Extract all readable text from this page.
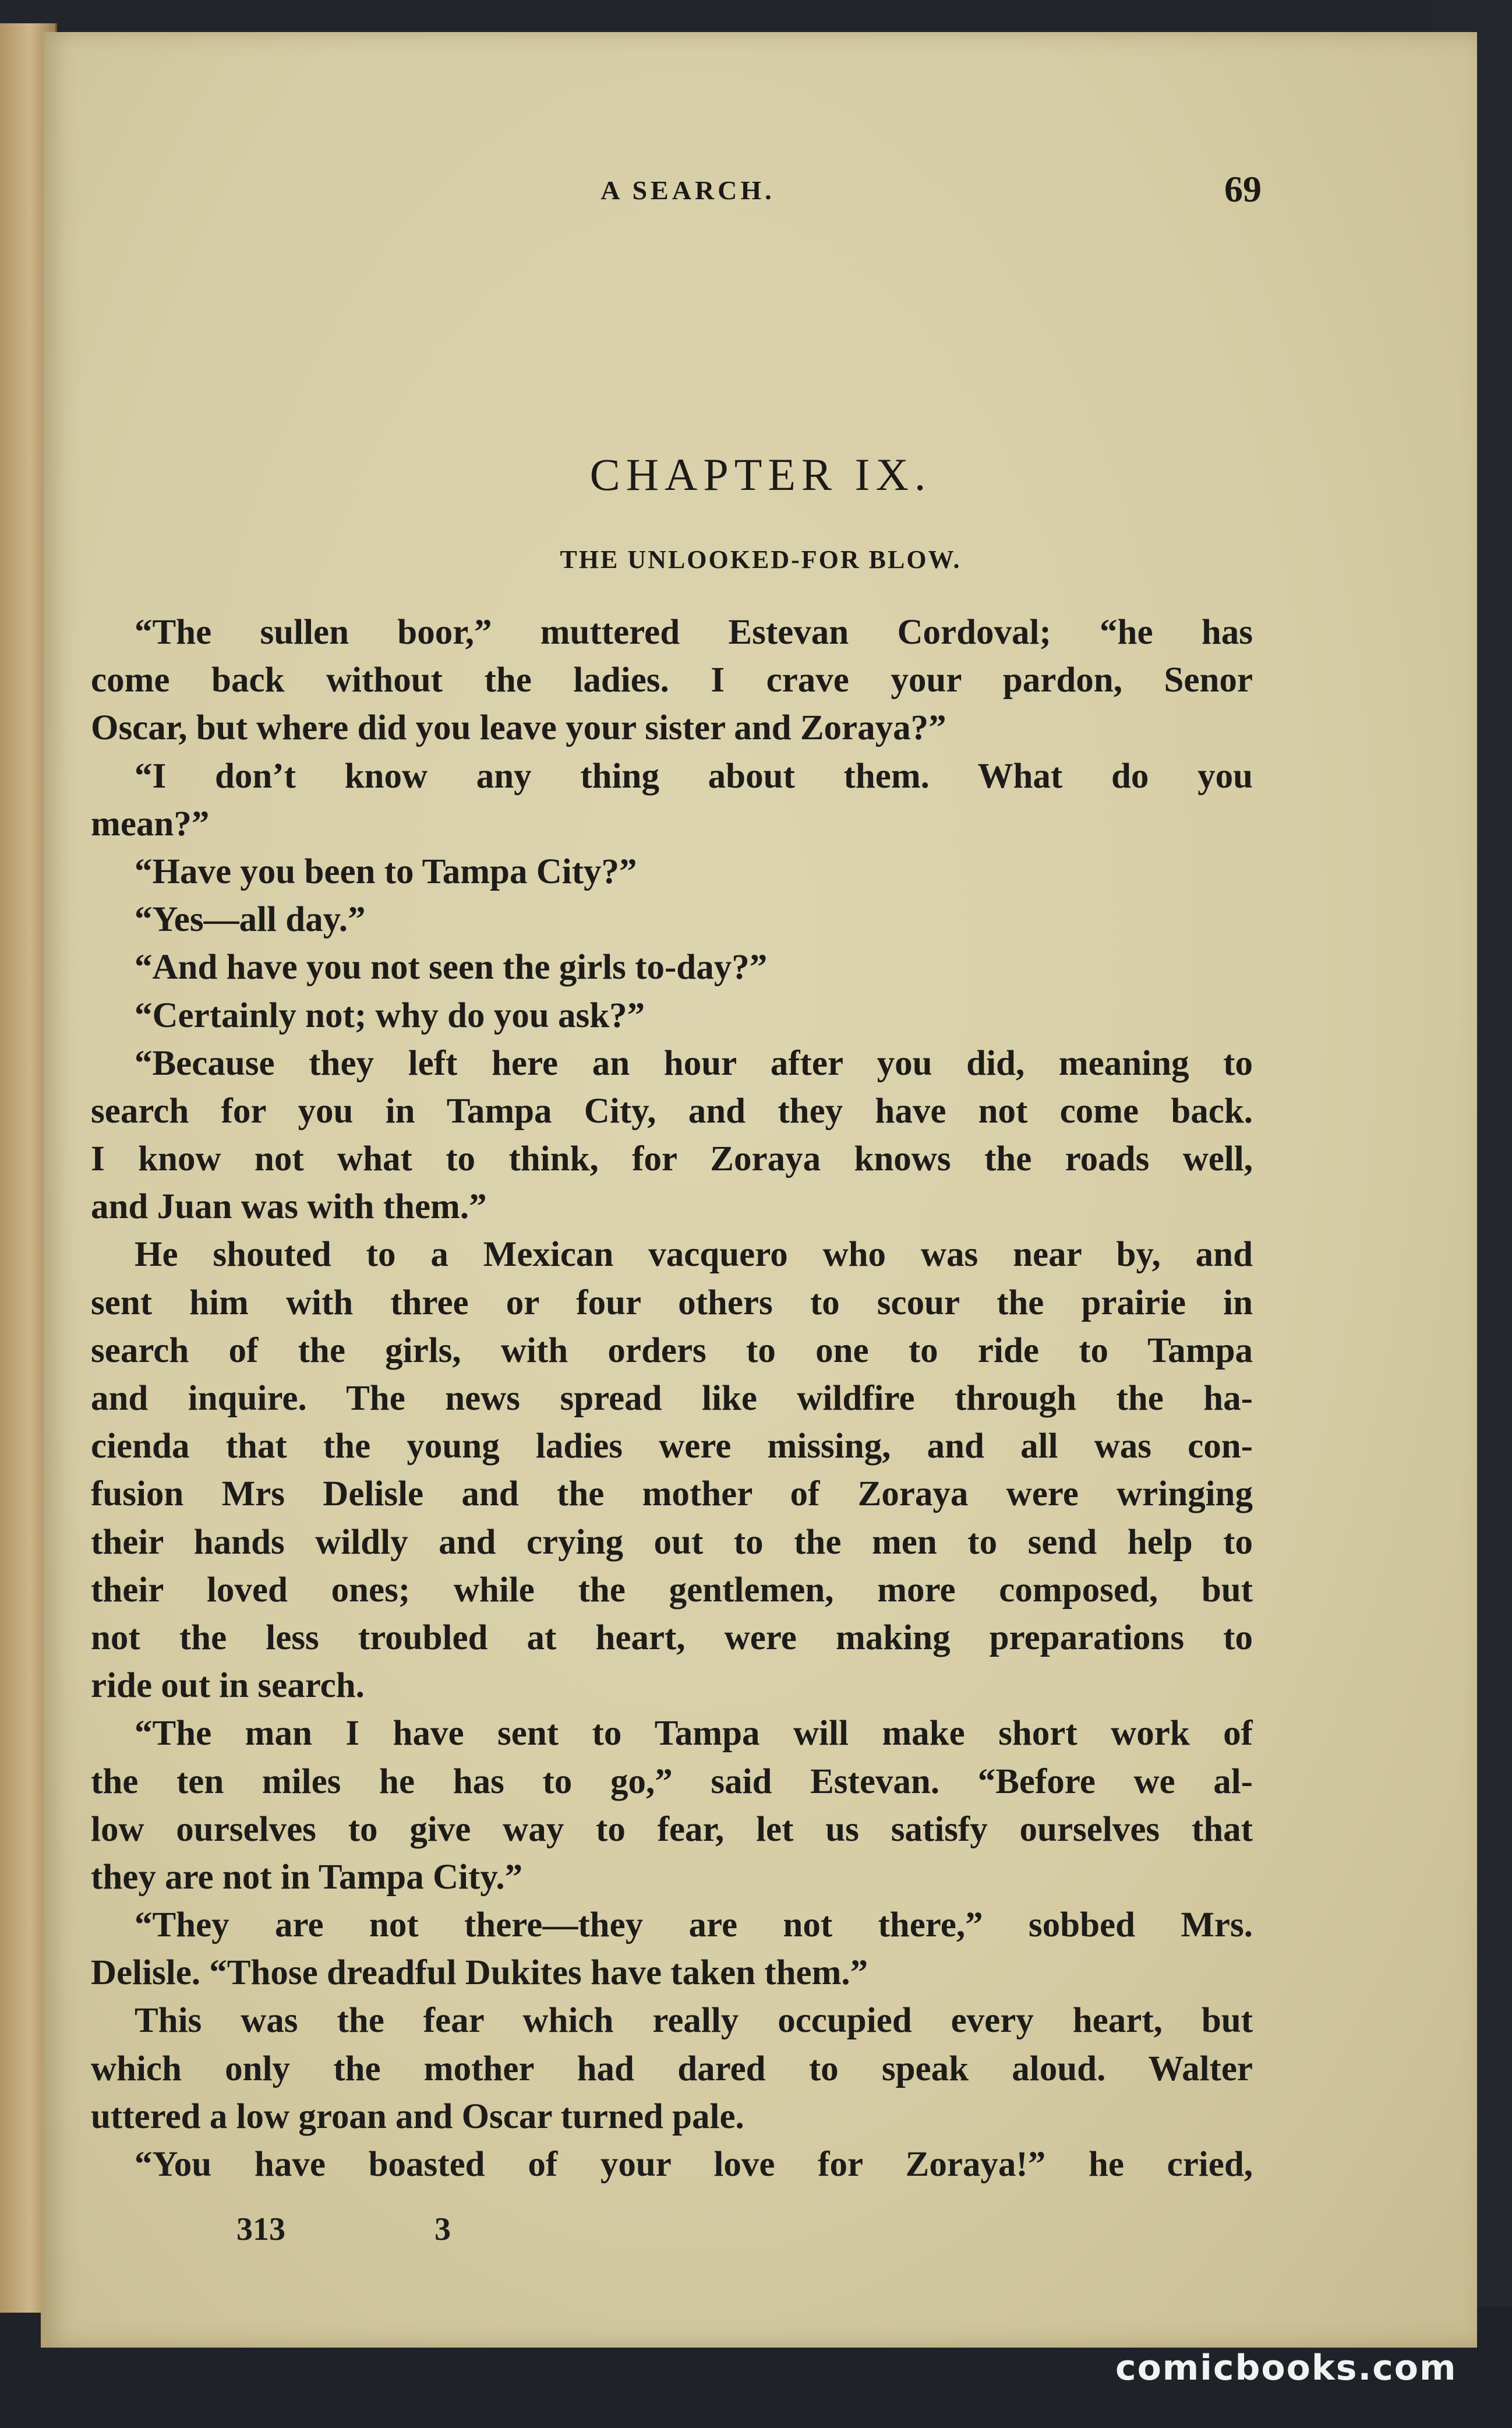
A SEARCH.	69
CHAPTER IX.
THE UNLOOKED-FOR BLOW.
“The sullen boor,” muttered Estevan Cordoval; “he has
come back without the ladies. I crave your pardon, Senor
Oscar, but where did you leave your sister and Zoraya?”
“I don’t know any thing about them. What do you
mean?”
“Have you been to Tampa City?”
“Yes—all day.”
“And have you not seen the girls to-day?”
“Certainly not; why do you ask?”
“Because they left here an hour after you did, meaning to
search for you in Tampa City, and they have not come back.
I know not what to think, for Zoraya knows the roads well,
and Juan was with them.”
He shouted to a Mexican vacquero who was near by, and
sent him with three or four others to scour the prairie in
search of the girls, with orders to one to ride to Tampa
and inquire. The news spread like wildfire through the ha-
cienda that the young ladies were missing, and all was con-
fusion Mrs Delisle and the mother of Zoraya were wringing
their hands wildly and crying out to the men to send help to
their loved ones; while the gentlemen, more composed, but
not the less troubled at heart, were making preparations to
ride out in search.
“The man I have sent to Tampa will make short work of
the ten miles he has to go,” said Estevan. “Before we al-
low ourselves to give way to fear, let us satisfy ourselves that
they are not in Tampa City.”
“They are not there—they are not there,” sobbed Mrs.
Delisle. “Those dreadful Dukites have taken them.”
This was the fear which really occupied every heart, but
which only the mother had dared to speak aloud. Walter
uttered a low groan and Oscar turned pale.
“You have boasted of your love for Zoraya!” he cried,
313	3
comicbooks.com
